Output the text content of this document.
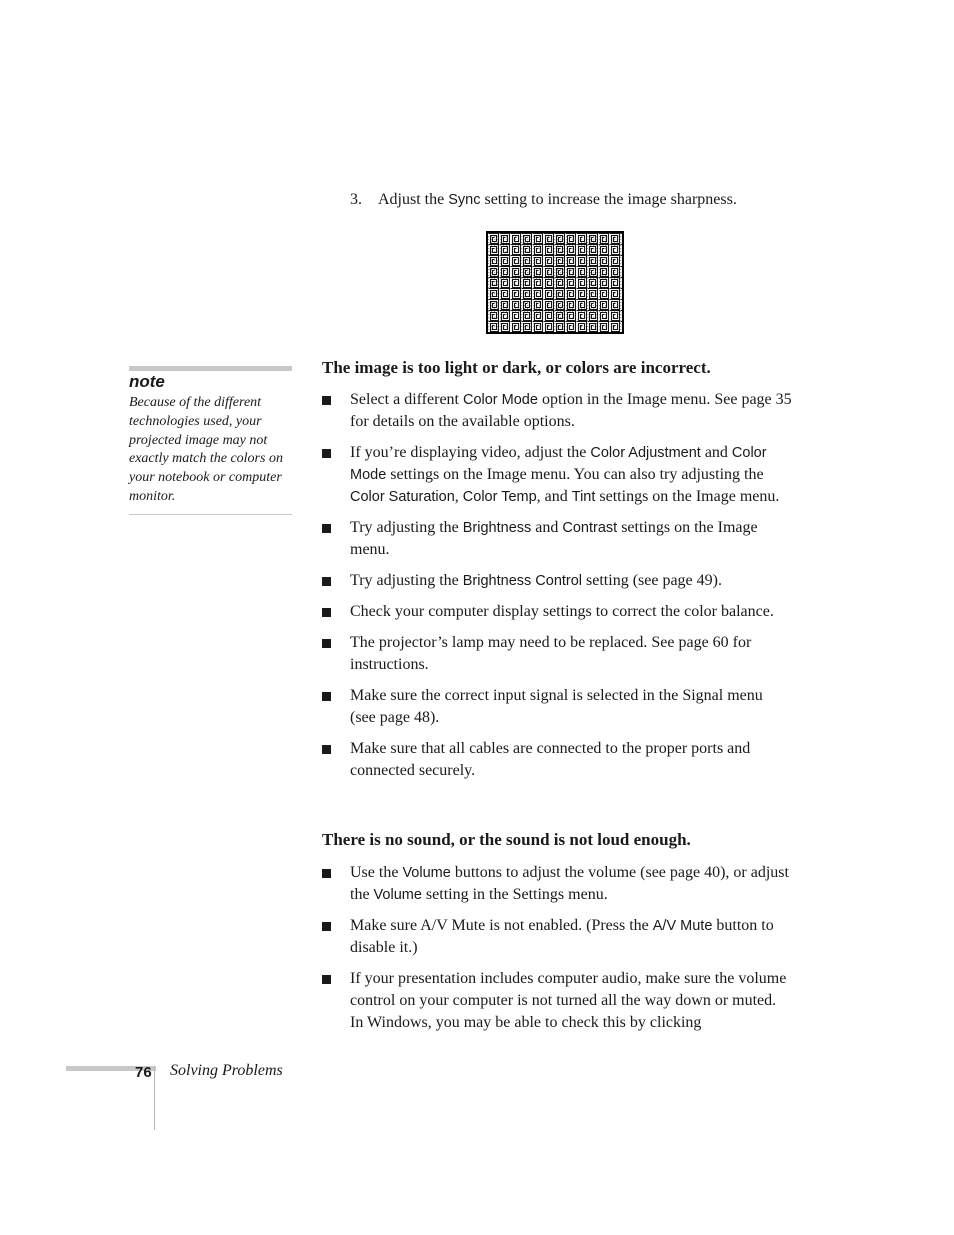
3. Adjust the Sync setting to increase the image sharpness.
note
Because of the different technologies used, your projected image may not exactly match the colors on your notebook or computer monitor.
The image is too light or dark, or colors are incorrect.
Select a different Color Mode option in the Image menu. See page 35 for details on the available options.
If you’re displaying video, adjust the Color Adjustment and Color Mode settings on the Image menu. You can also try adjusting the Color Saturation, Color Temp, and Tint settings on the Image menu.
Try adjusting the Brightness and Contrast settings on the Image menu.
Try adjusting the Brightness Control setting (see page 49).
Check your computer display settings to correct the color balance.
The projector’s lamp may need to be replaced. See page 60 for instructions.
Make sure the correct input signal is selected in the Signal menu (see page 48).
Make sure that all cables are connected to the proper ports and connected securely.
There is no sound, or the sound is not loud enough.
Use the Volume buttons to adjust the volume (see page 40), or adjust the Volume setting in the Settings menu.
Make sure A/V Mute is not enabled. (Press the A/V Mute button to disable it.)
If your presentation includes computer audio, make sure the volume control on your computer is not turned all the way down or muted. In Windows, you may be able to check this by clicking
76 Solving Problems
